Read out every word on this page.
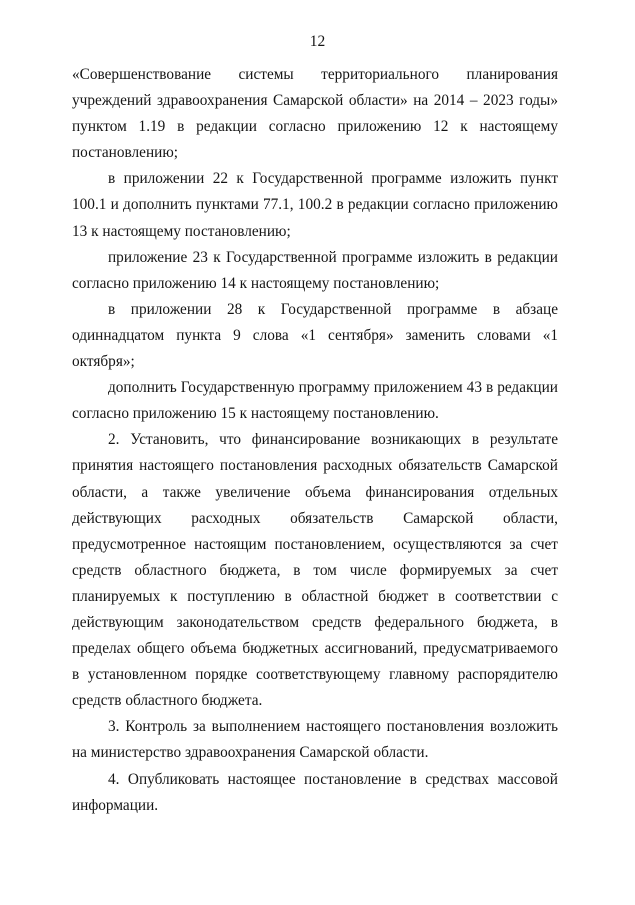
12

«Совершенствование системы территориального планирования учреждений здравоохранения Самарской области» на 2014 – 2023 годы» пунктом 1.19 в редакции согласно приложению 12 к настоящему постановлению;

в приложении 22 к Государственной программе изложить пункт 100.1 и дополнить пунктами 77.1, 100.2 в редакции согласно приложению 13 к настоящему постановлению;

приложение 23 к Государственной программе изложить в редакции согласно приложению 14 к настоящему постановлению;

в приложении 28 к Государственной программе в абзаце одиннадцатом пункта 9 слова «1 сентября» заменить словами «1 октября»;

дополнить Государственную программу приложением 43 в редакции согласно приложению 15 к настоящему постановлению.

2. Установить, что финансирование возникающих в результате принятия настоящего постановления расходных обязательств Самарской области, а также увеличение объема финансирования отдельных действующих расходных обязательств Самарской области, предусмотренное настоящим постановлением, осуществляются за счет средств областного бюджета, в том числе формируемых за счет планируемых к поступлению в областной бюджет в соответствии с действующим законодательством средств федерального бюджета, в пределах общего объема бюджетных ассигнований, предусматриваемого в установленном порядке соответствующему главному распорядителю средств областного бюджета.

3. Контроль за выполнением настоящего постановления возложить на министерство здравоохранения Самарской области.

4. Опубликовать настоящее постановление в средствах массовой информации.
